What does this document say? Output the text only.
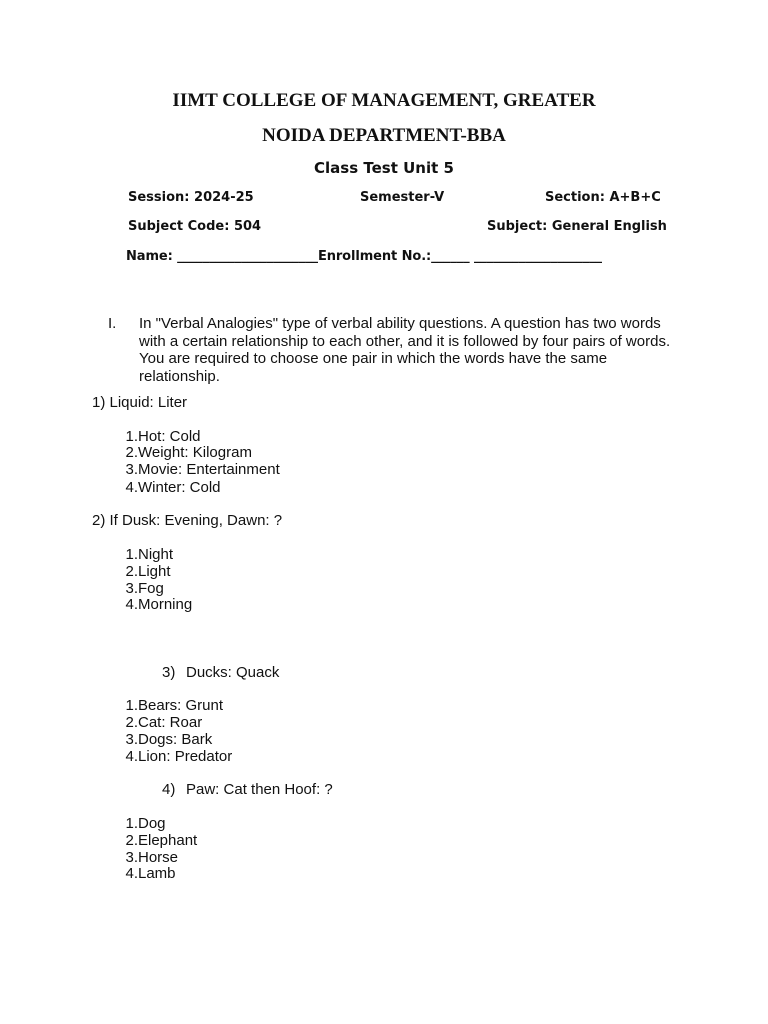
IIMT COLLEGE OF MANAGEMENT, GREATER
NOIDA DEPARTMENT-BBA
Class Test Unit 5
Session: 2024-25	Semester-V	Section: A+B+C
Subject Code: 504	Subject: General English
Name: ______________________Enrollment No.:______ ____________________
I. In "Verbal Analogies" type of verbal ability questions. A question has two words with a certain relationship to each other, and it is followed by four pairs of words. You are required to choose one pair in which the words have the same relationship.
1) Liquid: Liter
1. Hot: Cold
2. Weight: Kilogram
3. Movie: Entertainment
4. Winter: Cold
2) If Dusk: Evening, Dawn: ?
1. Night
2. Light
3. Fog
4. Morning
3) Ducks: Quack
1. Bears: Grunt
2. Cat: Roar
3. Dogs: Bark
4. Lion: Predator
4) Paw: Cat then Hoof: ?
1. Dog
2. Elephant
3. Horse
4. Lamb
